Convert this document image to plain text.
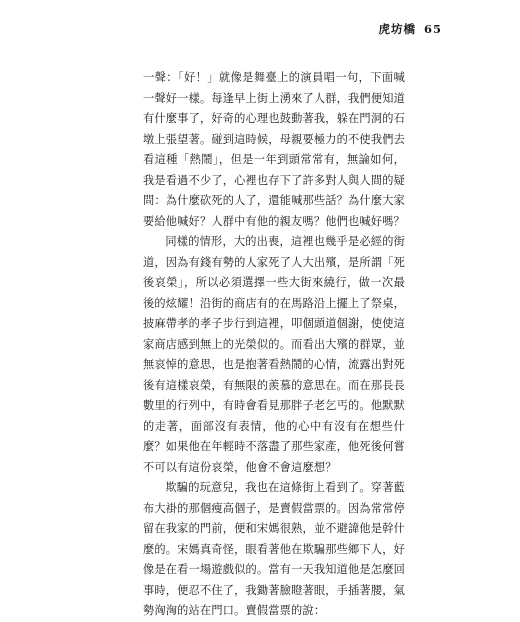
虎坊橋 65

一聲：「好！」就像是舞臺上的演員唱一句，下面喊一聲好一樣。每逢早上街上湧來了人群，我們便知道有什麼事了，好奇的心理也鼓動著我，躲在門洞的石墩上張望著。碰到這時候，母親要極力的不使我們去看這種「熱鬧」，但是一年到頭常常有，無論如何，我是看過不少了，心裡也存下了許多對人與人間的疑問：為什麼砍死的人了，還能喊那些話？為什麼大家要給他喊好？人群中有他的親友嗎？他們也喊好嗎？

同樣的情形，大的出喪，這裡也幾乎是必經的街道，因為有錢有勢的人家死了人大出殯，是所謂「死後哀榮」，所以必須選擇一些大街來繞行，做一次最後的炫耀！沿街的商店有的在馬路沿上擺上了祭桌，披麻帶孝的孝子步行到這裡，叩個頭道個謝，使使這家商店感到無上的光榮似的。而看出大殯的群眾，並無哀悼的意思，也是抱著看熱鬧的心情，流露出對死後有這樣哀榮，有無限的羨慕的意思在。而在那長長數里的行列中，有時會看見那胖子老乞丐的。他默默的走著，面部沒有表情，他的心中有沒有在想些什麼？如果他在年輕時不落盡了那些家產，他死後何嘗不可以有這份哀榮，他會不會這麼想？

欺騙的玩意兒，我也在這條街上看到了。穿著藍布大褂的那個瘦高個子，是賣假當票的。因為常常停留在我家的門前，便和宋媽很熟，並不避諱他是幹什麼的。宋媽真奇怪，眼看著他在欺騙那些鄉下人，好像是在看一場遊戲似的。當有一天我知道他是怎麼回事時，便忍不住了，我鋤著臉瞪著眼，手插著腰，氣勢洶洶的站在門口。賣假當票的說：
